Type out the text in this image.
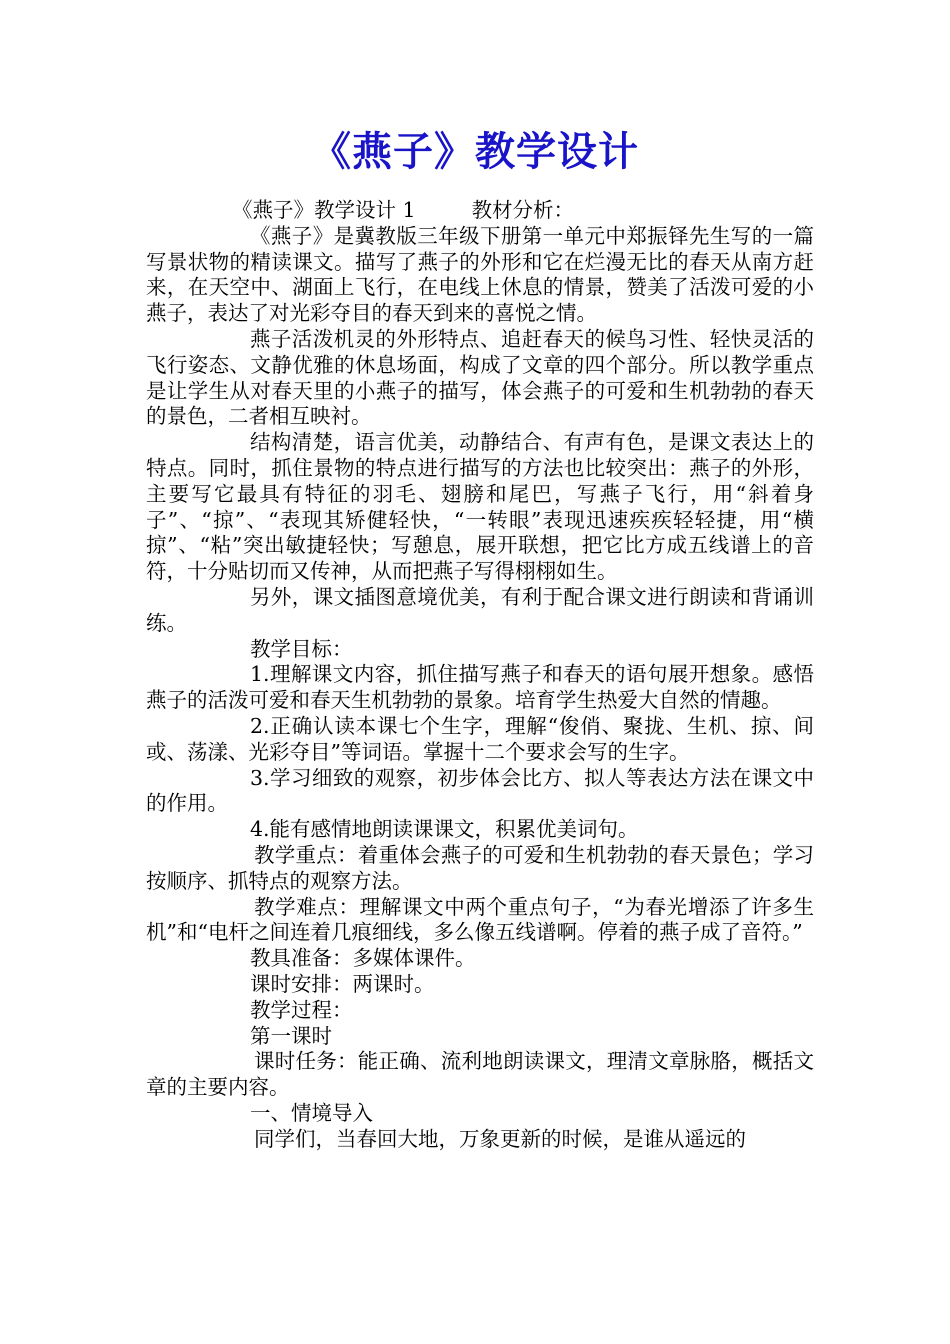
《燕子》教学设计

《燕子》教学设计 1	教材分析：

《燕子》是冀教版三年级下册第一单元中郑振铎先生写的一篇写景状物的精读课文。描写了燕子的外形和它在烂漫无比的春天从南方赶来，在天空中、湖面上飞行，在电线上休息的情景，赞美了活泼可爱的小燕子，表达了对光彩夺目的春天到来的喜悦之情。

燕子活泼机灵的外形特点、追赶春天的候鸟习性、轻快灵活的飞行姿态、文静优雅的休息场面，构成了文章的四个部分。所以教学重点是让学生从对春天里的小燕子的描写，体会燕子的可爱和生机勃勃的春天的景色，二者相互映衬。

结构清楚，语言优美，动静结合、有声有色，是课文表达上的特点。同时，抓住景物的特点进行描写的方法也比较突出：燕子的外形，主要写它最具有特征的羽毛、翅膀和尾巴，写燕子飞行，用“斜着身子”、“掠”、“表现其矫健轻快，“一转眼”表现迅速疾疾轻轻捷，用“横掠”、“粘”突出敏捷轻快；写憩息，展开联想，把它比方成五线谱上的音符，十分贴切而又传神，从而把燕子写得栩栩如生。

另外，课文插图意境优美，有利于配合课文进行朗读和背诵训练。

教学目标：

1.理解课文内容，抓住描写燕子和春天的语句展开想象。感悟燕子的活泼可爱和春天生机勃勃的景象。培育学生热爱大自然的情趣。

2.正确认读本课七个生字，理解“俊俏、聚拢、生机、掠、间或、荡漾、光彩夺目”等词语。掌握十二个要求会写的生字。

3.学习细致的观察，初步体会比方、拟人等表达方法在课文中的作用。

4.能有感情地朗读课课文，积累优美词句。

教学重点：着重体会燕子的可爱和生机勃勃的春天景色；学习按顺序、抓特点的观察方法。

教学难点：理解课文中两个重点句子，“为春光增添了许多生机”和“电杆之间连着几痕细线，多么像五线谱啊。停着的燕子成了音符。”

教具准备：多媒体课件。

课时安排：两课时。

教学过程：

第一课时

课时任务：能正确、流利地朗读课文，理清文章脉胳，概括文章的主要内容。

一、情境导入

同学们，当春回大地，万象更新的时候，是谁从遥远的
